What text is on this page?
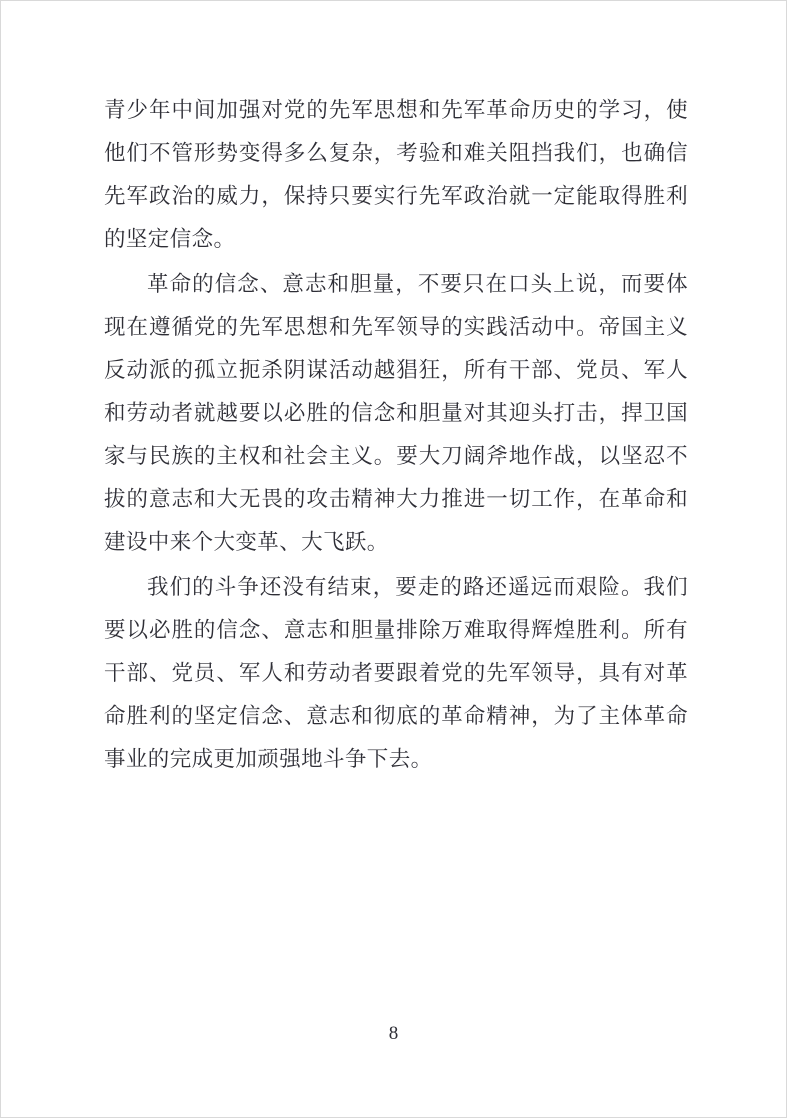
青少年中间加强对党的先军思想和先军革命历史的学习，使他们不管形势变得多么复杂，考验和难关阻挡我们，也确信先军政治的威力，保持只要实行先军政治就一定能取得胜利的坚定信念。

革命的信念、意志和胆量，不要只在口头上说，而要体现在遵循党的先军思想和先军领导的实践活动中。帝国主义反动派的孤立扼杀阴谋活动越猖狂，所有干部、党员、军人和劳动者就越要以必胜的信念和胆量对其迎头打击，捍卫国家与民族的主权和社会主义。要大刀阔斧地作战，以坚忍不拔的意志和大无畏的攻击精神大力推进一切工作，在革命和建设中来个大变革、大飞跃。

我们的斗争还没有结束，要走的路还遥远而艰险。我们要以必胜的信念、意志和胆量排除万难取得辉煌胜利。所有干部、党员、军人和劳动者要跟着党的先军领导，具有对革命胜利的坚定信念、意志和彻底的革命精神，为了主体革命事业的完成更加顽强地斗争下去。

8
